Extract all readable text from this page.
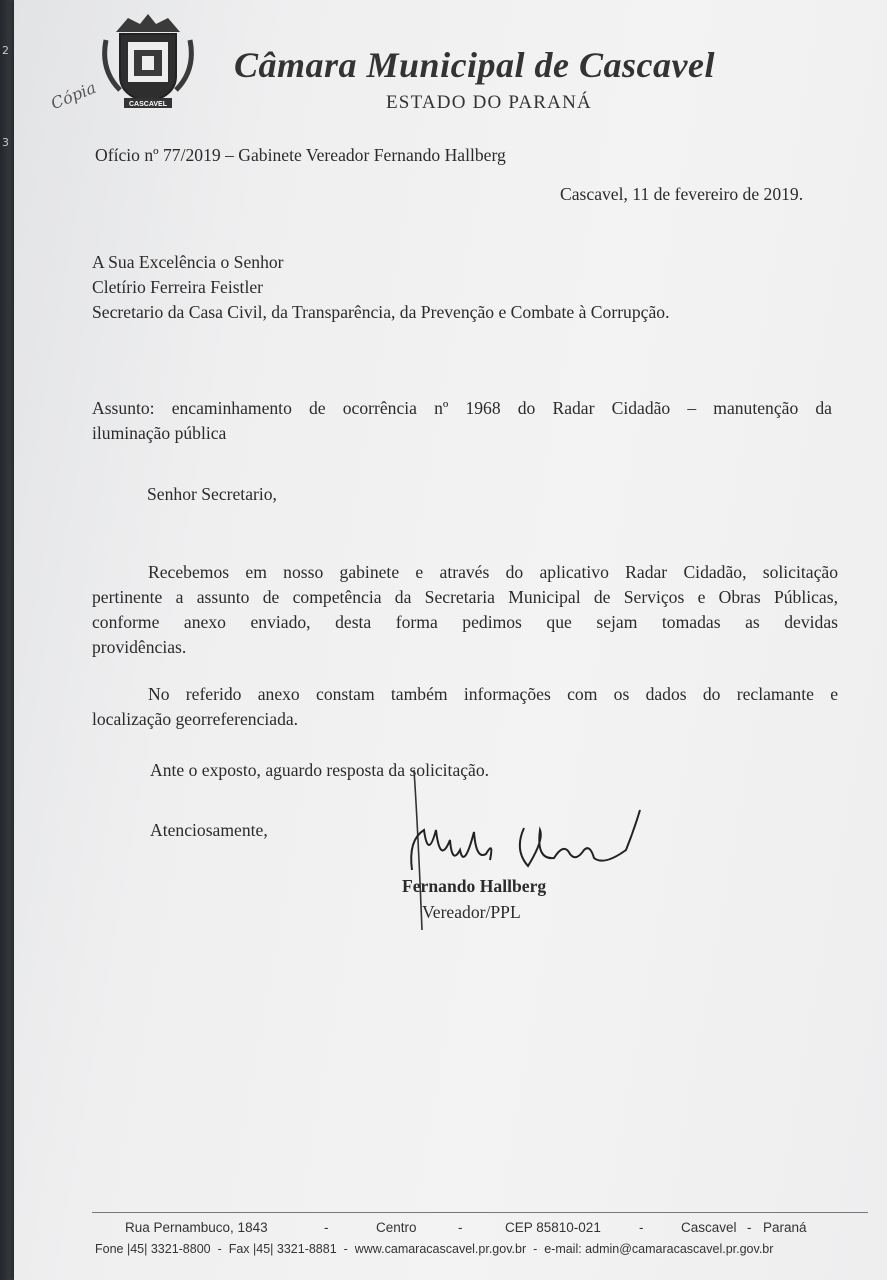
2
3
CASCAVEL
Cópia
Câmara Municipal de Cascavel
ESTADO DO PARANÁ
Ofício nº 77/2019 – Gabinete Vereador Fernando Hallberg
Cascavel, 11 de fevereiro de 2019.
A Sua Excelência o Senhor
Cletírio Ferreira Feistler
Secretario da Casa Civil, da Transparência, da Prevenção e Combate à Corrupção.
Assunto: encaminhamento de ocorrência nº 1968 do Radar Cidadão – manutenção da
iluminação pública
Senhor Secretario,
Recebemos em nosso gabinete e através do aplicativo Radar Cidadão, solicitação
pertinente a assunto de competência da Secretaria Municipal de Serviços e Obras Públicas,
conforme anexo enviado, desta forma pedimos que sejam tomadas as devidas
providências.
No referido anexo constam também informações com os dados do reclamante e
localização georreferenciada.
Ante o exposto, aguardo resposta da solicitação.
Atenciosamente,
Fernando Hallberg
Vereador/PPL
Rua Pernambuco, 1843	-	Centro	-	CEP 85810-021	-	Cascavel - Paraná
Fone |45| 3321-8800 - Fax |45| 3321-8881 - www.camaracascavel.pr.gov.br - e-mail: admin@camaracascavel.pr.gov.br
